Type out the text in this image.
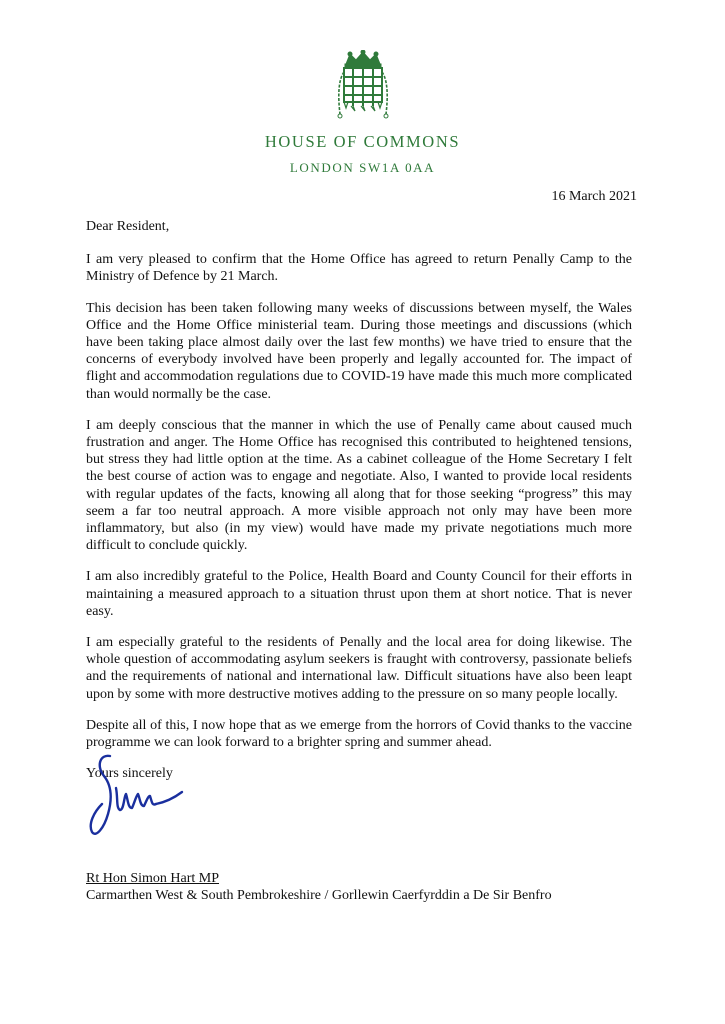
HOUSE OF COMMONS
LONDON SW1A 0AA
16 March 2021

Dear Resident,

I am very pleased to confirm that the Home Office has agreed to return Penally Camp to the Ministry of Defence by 21 March.

This decision has been taken following many weeks of discussions between myself, the Wales Office and the Home Office ministerial team. During those meetings and discussions (which have been taking place almost daily over the last few months) we have tried to ensure that the concerns of everybody involved have been properly and legally accounted for. The impact of flight and accommodation regulations due to COVID-19 have made this much more complicated than would normally be the case.

I am deeply conscious that the manner in which the use of Penally came about caused much frustration and anger. The Home Office has recognised this contributed to heightened tensions, but stress they had little option at the time. As a cabinet colleague of the Home Secretary I felt the best course of action was to engage and negotiate. Also, I wanted to provide local residents with regular updates of the facts, knowing all along that for those seeking “progress” this may seem a far too neutral approach. A more visible approach not only may have been more inflammatory, but also (in my view) would have made my private negotiations much more difficult to conclude quickly.

I am also incredibly grateful to the Police, Health Board and County Council for their efforts in maintaining a measured approach to a situation thrust upon them at short notice. That is never easy.

I am especially grateful to the residents of Penally and the local area for doing likewise. The whole question of accommodating asylum seekers is fraught with controversy, passionate beliefs and the requirements of national and international law. Difficult situations have also been leapt upon by some with more destructive motives adding to the pressure on so many people locally.

Despite all of this, I now hope that as we emerge from the horrors of Covid thanks to the vaccine programme we can look forward to a brighter spring and summer ahead.

Yours sincerely

Rt Hon Simon Hart MP
Carmarthen West & South Pembrokeshire / Gorllewin Caerfyrddin a De Sir Benfro
